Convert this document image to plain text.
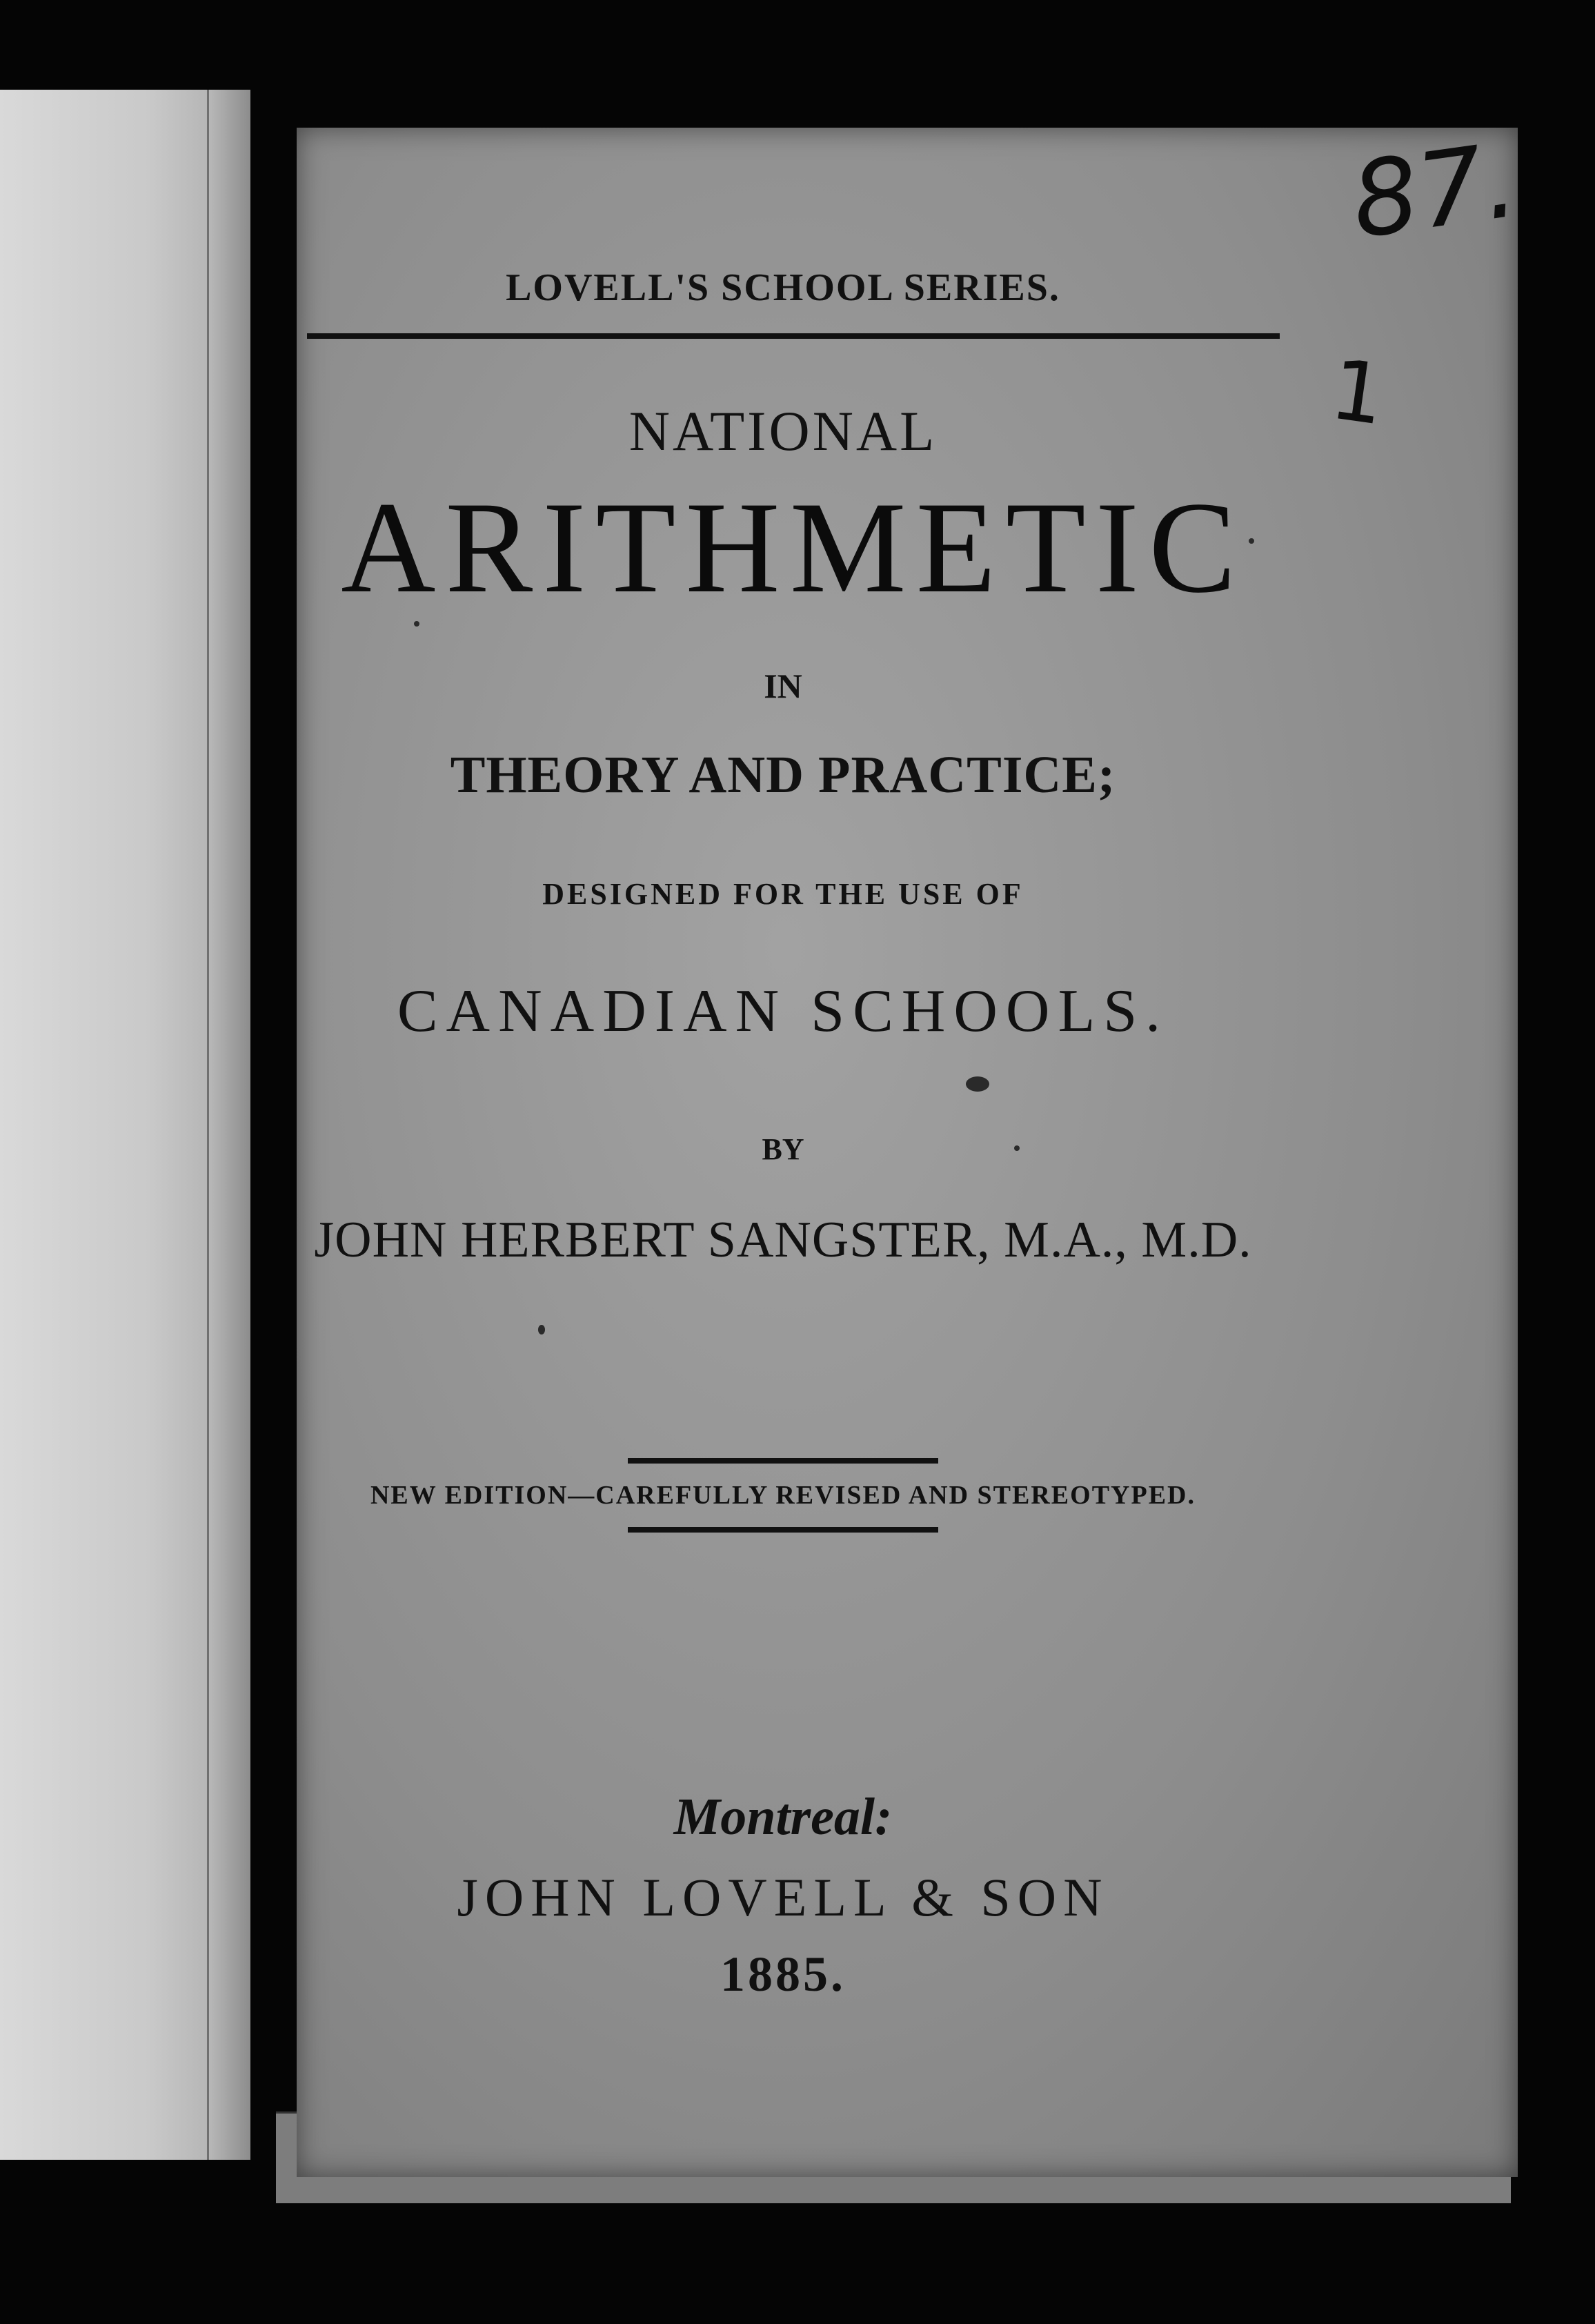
87.
1
LOVELL'S SCHOOL SERIES.
NATIONAL
ARITHMETIC
IN
THEORY AND PRACTICE;
DESIGNED FOR THE USE OF
CANADIAN SCHOOLS.
BY
JOHN HERBERT SANGSTER, M.A., M.D.
NEW EDITION—CAREFULLY REVISED AND STEREOTYPED.
Montreal:
JOHN LOVELL & SON
1885.
